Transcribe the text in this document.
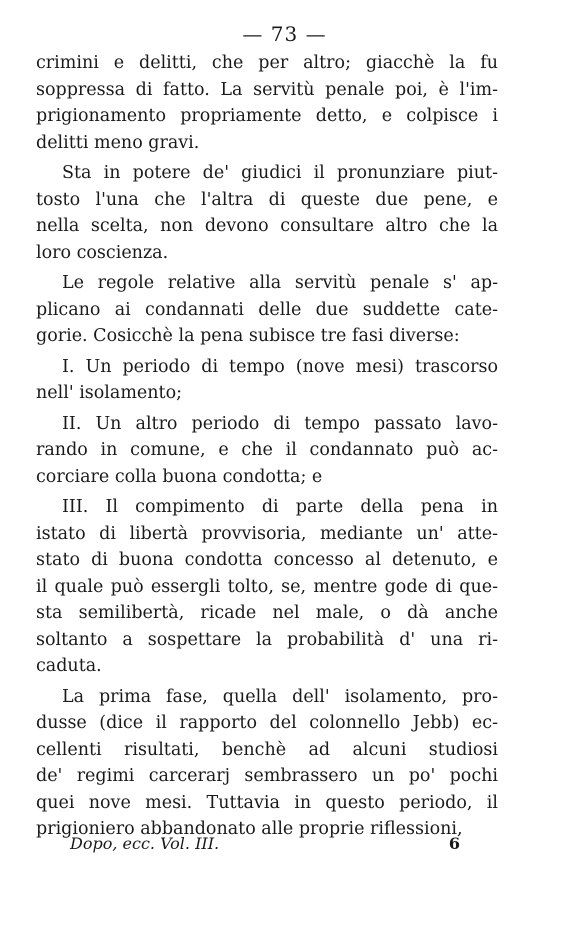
— 73 —
crimini e delitti, che per altro; giacchè la fu
soppressa di fatto. La servitù penale poi, è l'im-
prigionamento propriamente detto, e colpisce i
delitti meno gravi.
Sta in potere de' giudici il pronunziare piut-
tosto l'una che l'altra di queste due pene, e
nella scelta, non devono consultare altro che la
loro coscienza.
Le regole relative alla servitù penale s' ap-
plicano ai condannati delle due suddette cate-
gorie. Cosicchè la pena subisce tre fasi diverse:
I. Un periodo di tempo (nove mesi) trascorso
nell' isolamento;
II. Un altro periodo di tempo passato lavo-
rando in comune, e che il condannato può ac-
corciare colla buona condotta; e
III. Il compimento di parte della pena in
istato di libertà provvisoria, mediante un' atte-
stato di buona condotta concesso al detenuto, e
il quale può essergli tolto, se, mentre gode di que-
sta semilibertà, ricade nel male, o dà anche
soltanto a sospettare la probabilità d' una ri-
caduta.
La prima fase, quella dell' isolamento, pro-
dusse (dice il rapporto del colonnello Jebb) ec-
cellenti risultati, benchè ad alcuni studiosi
de' regimi carcerarj sembrassero un po' pochi
quei nove mesi. Tuttavia in questo periodo, il
prigioniero abbandonato alle proprie riflessioni,
Dopo, ecc. Vol. III.	6
